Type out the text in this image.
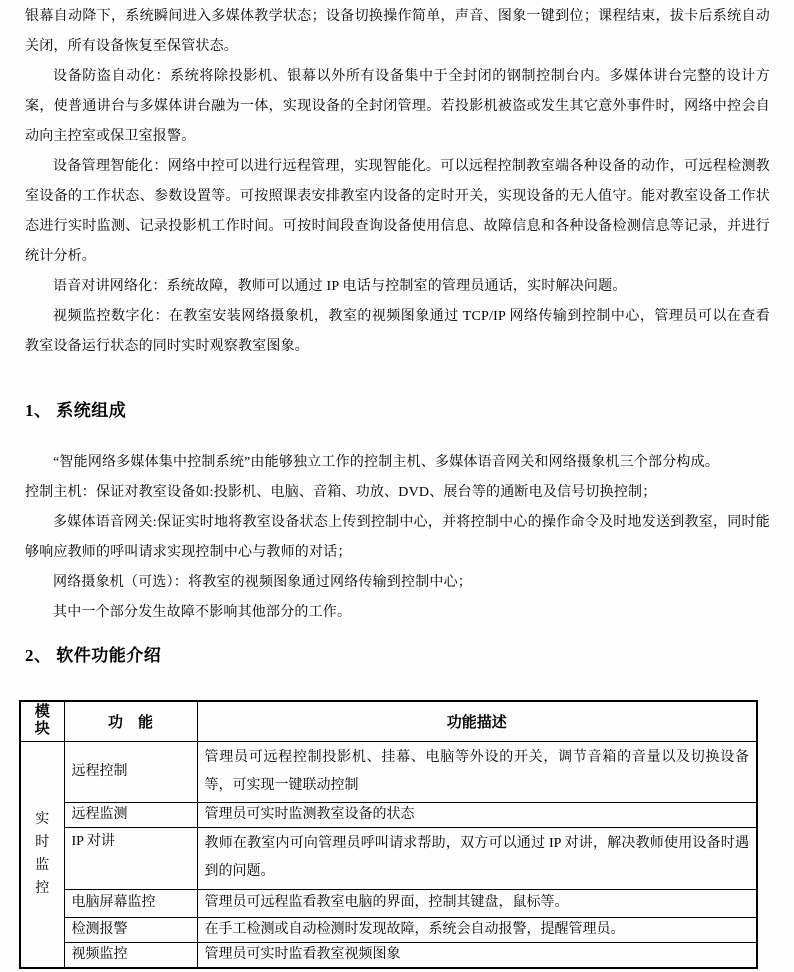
银幕自动降下，系统瞬间进入多媒体教学状态；设备切换操作简单，声音、图象一键到位；课程结束，拔卡后系统自动关闭，所有设备恢复至保管状态。

设备防盗自动化：系统将除投影机、银幕以外所有设备集中于全封闭的钢制控制台内。多媒体讲台完整的设计方案，使普通讲台与多媒体讲台融为一体，实现设备的全封闭管理。若投影机被盗或发生其它意外事件时，网络中控会自动向主控室或保卫室报警。

设备管理智能化：网络中控可以进行远程管理，实现智能化。可以远程控制教室端各种设备的动作，可远程检测教室设备的工作状态、参数设置等。可按照课表安排教室内设备的定时开关，实现设备的无人值守。能对教室设备工作状态进行实时监测、记录投影机工作时间。可按时间段查询设备使用信息、故障信息和各种设备检测信息等记录，并进行统计分析。

语音对讲网络化：系统故障，教师可以通过 IP 电话与控制室的管理员通话，实时解决问题。

视频监控数字化：在教室安装网络摄象机，教室的视频图象通过 TCP/IP 网络传输到控制中心，管理员可以在查看教室设备运行状态的同时实时观察教室图象。

1、 系统组成

“智能网络多媒体集中控制系统”由能够独立工作的控制主机、多媒体语音网关和网络摄象机三个部分构成。

控制主机：保证对教室设备如:投影机、电脑、音箱、功放、DVD、展台等的通断电及信号切换控制；

多媒体语音网关:保证实时地将教室设备状态上传到控制中心，并将控制中心的操作命令及时地发送到教室，同时能够响应教师的呼叫请求实现控制中心与教师的对话；

网络摄象机（可选）：将教室的视频图象通过网络传输到控制中心；

其中一个部分发生故障不影响其他部分的工作。

2、 软件功能介绍
模块	功　能	功能描述

实时监控	远程控制	管理员可远程控制投影机、挂幕、电脑等外设的开关，调节音箱的音量以及切换设备等，可实现一键联动控制
	远程监测	管理员可实时监测教室设备的状态
	IP 对讲	教师在教室内可向管理员呼叫请求帮助，双方可以通过 IP 对讲，解决教师使用设备时遇到的问题。
	电脑屏幕监控	管理员可远程监看教室电脑的界面，控制其键盘，鼠标等。
	检测报警	在手工检测或自动检测时发现故障，系统会自动报警，提醒管理员。
	视频监控	管理员可实时监看教室视频图象
